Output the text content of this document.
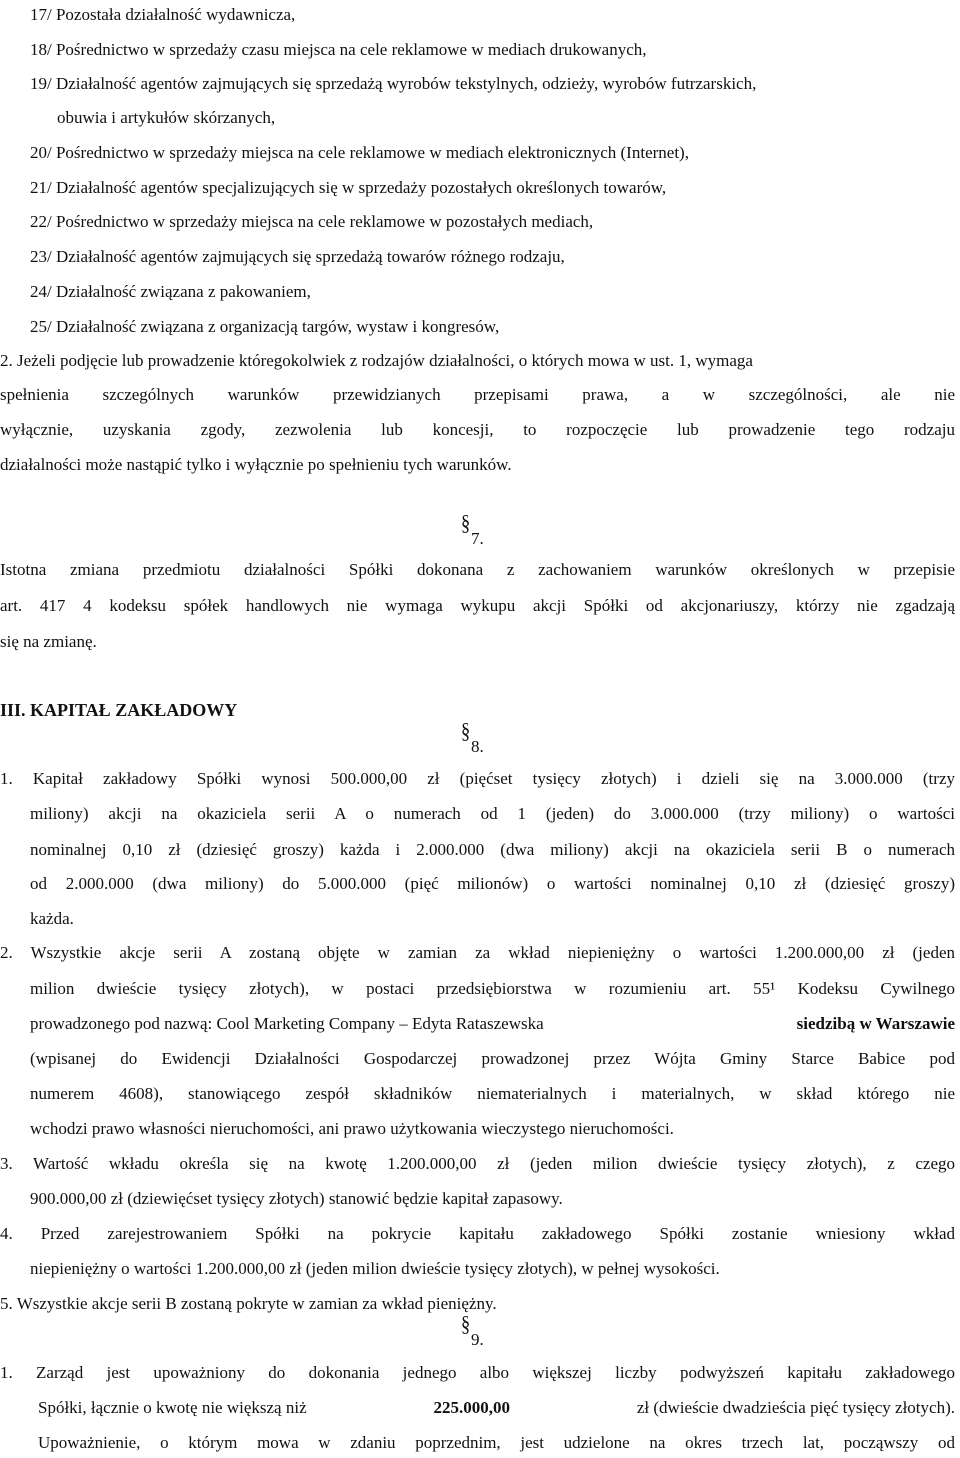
17/ Pozostała działalność wydawnicza,
18/ Pośrednictwo w sprzedaży czasu miejsca na cele reklamowe w mediach drukowanych,
19/ Działalność agentów zajmujących się sprzedażą wyrobów tekstylnych, odzieży, wyrobów futrzarskich,
obuwia i artykułów skórzanych,
20/ Pośrednictwo w sprzedaży miejsca na cele reklamowe w mediach elektronicznych (Internet),
21/ Działalność agentów specjalizujących się w sprzedaży pozostałych określonych towarów,
22/ Pośrednictwo w sprzedaży miejsca na cele reklamowe w pozostałych mediach,
23/ Działalność agentów zajmujących się sprzedażą towarów różnego rodzaju,
24/ Działalność związana z pakowaniem,
25/ Działalność związana z organizacją targów, wystaw i kongresów,
2. Jeżeli podjęcie lub prowadzenie któregokolwiek z rodzajów działalności, o których mowa w ust. 1, wymaga
spełnienia szczególnych warunków przewidzianych przepisami prawa, a w szczególności, ale nie
wyłącznie, uzyskania zgody, zezwolenia lub koncesji, to rozpoczęcie lub prowadzenie tego rodzaju
działalności może nastąpić tylko i wyłącznie po spełnieniu tych warunków.
§7.
Istotna zmiana przedmiotu działalności Spółki dokonana z zachowaniem warunków określonych w przepisie
art. 417 4 kodeksu spółek handlowych nie wymaga wykupu akcji Spółki od akcjonariuszy, którzy nie zgadzają
się na zmianę.
III. KAPITAŁ ZAKŁADOWY
§8.
1. Kapitał zakładowy Spółki wynosi 500.000,00 zł (pięćset tysięcy złotych) i dzieli się na 3.000.000 (trzy
miliony) akcji na okaziciela serii A o numerach od 1 (jeden) do 3.000.000 (trzy miliony) o wartości
nominalnej 0,10 zł (dziesięć groszy) każda i 2.000.000 (dwa miliony) akcji na okaziciela serii B o numerach
od 2.000.000 (dwa miliony) do 5.000.000 (pięć milionów) o wartości nominalnej 0,10 zł (dziesięć groszy)
każda.
2. Wszystkie akcje serii A zostaną objęte w zamian za wkład niepieniężny o wartości 1.200.000,00 zł (jeden
milion dwieście tysięcy złotych), w postaci przedsiębiorstwa w rozumieniu art. 55¹ Kodeksu Cywilnego
prowadzonego pod nazwą: Cool Marketing Company – Edyta Rataszewska	siedzibą w Warszawie
(wpisanej do Ewidencji Działalności Gospodarczej prowadzonej przez Wójta Gminy Starce Babice pod
numerem 4608), stanowiącego zespół składników niematerialnych i materialnych, w skład którego nie
wchodzi prawo własności nieruchomości, ani prawo użytkowania wieczystego nieruchomości.
3. Wartość wkładu określa się na kwotę 1.200.000,00 zł (jeden milion dwieście tysięcy złotych), z czego
900.000,00 zł (dziewięćset tysięcy złotych) stanowić będzie kapitał zapasowy.
4. Przed zarejestrowaniem Spółki na pokrycie kapitału zakładowego Spółki zostanie wniesiony wkład
niepieniężny o wartości 1.200.000,00 zł (jeden milion dwieście tysięcy złotych), w pełnej wysokości.
5. Wszystkie akcje serii B zostaną pokryte w zamian za wkład pieniężny.
§9.
1. Zarząd jest upoważniony do dokonania jednego albo większej liczby podwyższeń kapitału zakładowego
Spółki, łącznie o kwotę nie większą niż	225.000,00	zł (dwieście dwadzieścia pięć tysięcy złotych).
Upoważnienie, o którym mowa w zdaniu poprzednim, jest udzielone na okres trzech lat, począwszy od
